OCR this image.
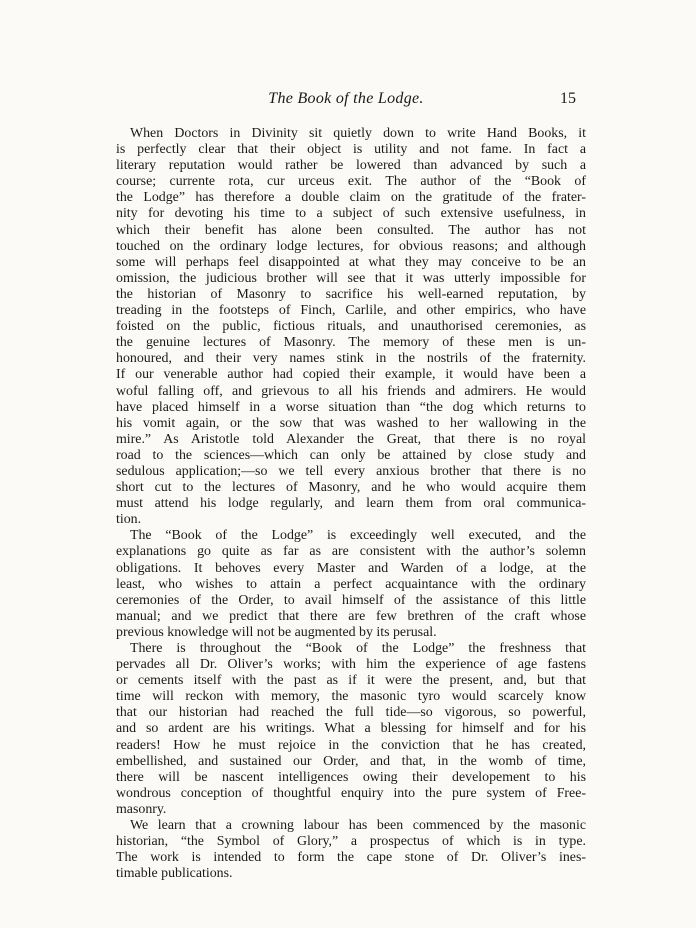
The Book of the Lodge.	15
When Doctors in Divinity sit quietly down to write Hand Books, it
is perfectly clear that their object is utility and not fame. In fact a
literary reputation would rather be lowered than advanced by such a
course; currente rota, cur urceus exit. The author of the “Book of
the Lodge” has therefore a double claim on the gratitude of the frater-
nity for devoting his time to a subject of such extensive usefulness, in
which their benefit has alone been consulted. The author has not
touched on the ordinary lodge lectures, for obvious reasons; and although
some will perhaps feel disappointed at what they may conceive to be an
omission, the judicious brother will see that it was utterly impossible for
the historian of Masonry to sacrifice his well-earned reputation, by
treading in the footsteps of Finch, Carlile, and other empirics, who have
foisted on the public, fictious rituals, and unauthorised ceremonies, as
the genuine lectures of Masonry. The memory of these men is un-
honoured, and their very names stink in the nostrils of the fraternity.
If our venerable author had copied their example, it would have been a
woful falling off, and grievous to all his friends and admirers. He would
have placed himself in a worse situation than “the dog which returns to
his vomit again, or the sow that was washed to her wallowing in the
mire.” As Aristotle told Alexander the Great, that there is no royal
road to the sciences—which can only be attained by close study and
sedulous application;—so we tell every anxious brother that there is no
short cut to the lectures of Masonry, and he who would acquire them
must attend his lodge regularly, and learn them from oral communica-
tion.
The “Book of the Lodge” is exceedingly well executed, and the
explanations go quite as far as are consistent with the author’s solemn
obligations. It behoves every Master and Warden of a lodge, at the
least, who wishes to attain a perfect acquaintance with the ordinary
ceremonies of the Order, to avail himself of the assistance of this little
manual; and we predict that there are few brethren of the craft whose
previous knowledge will not be augmented by its perusal.
There is throughout the “Book of the Lodge” the freshness that
pervades all Dr. Oliver’s works; with him the experience of age fastens
or cements itself with the past as if it were the present, and, but that
time will reckon with memory, the masonic tyro would scarcely know
that our historian had reached the full tide—so vigorous, so powerful,
and so ardent are his writings. What a blessing for himself and for his
readers! How he must rejoice in the conviction that he has created,
embellished, and sustained our Order, and that, in the womb of time,
there will be nascent intelligences owing their developement to his
wondrous conception of thoughtful enquiry into the pure system of Free-
masonry.
We learn that a crowning labour has been commenced by the masonic
historian, “the Symbol of Glory,” a prospectus of which is in type.
The work is intended to form the cape stone of Dr. Oliver’s ines-
timable publications.
